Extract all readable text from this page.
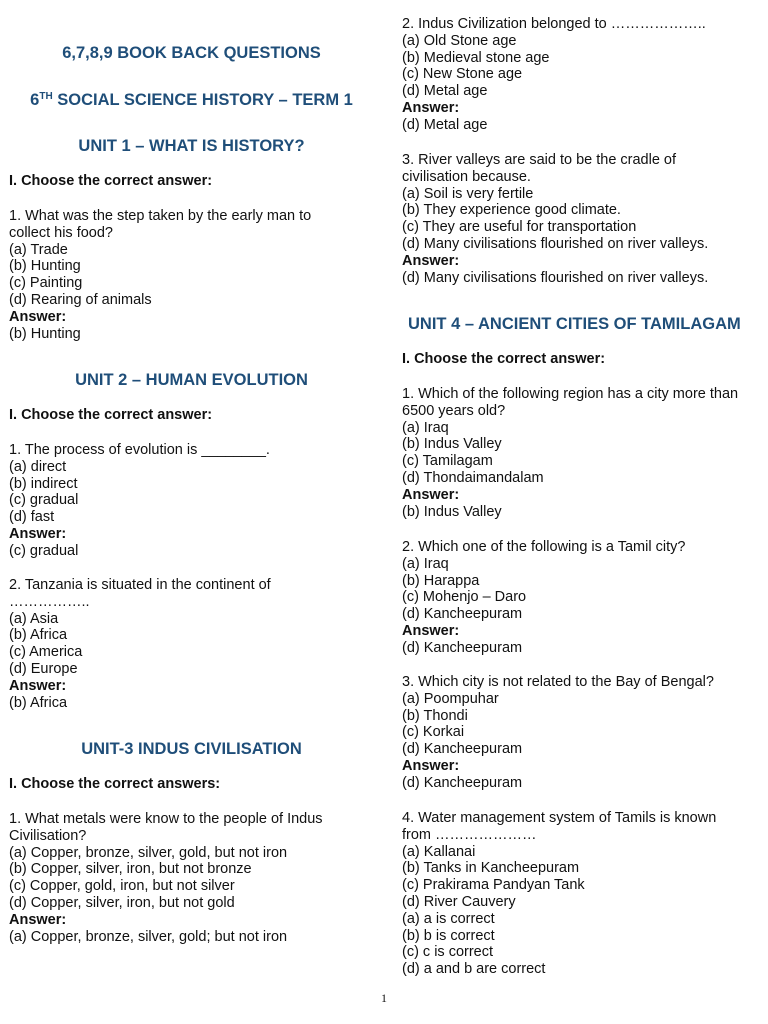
6,7,8,9 BOOK BACK QUESTIONS
6TH SOCIAL SCIENCE HISTORY – TERM 1
UNIT 1 – WHAT IS HISTORY?
I. Choose the correct answer:

1. What was the step taken by the early man to

collect his food?

(a) Trade

(b) Hunting

(c) Painting

(d) Rearing of animals

Answer:

(b) Hunting

UNIT 2 – HUMAN EVOLUTION
I. Choose the correct answer:

1. The process of evolution is ________.

(a) direct

(b) indirect

(c) gradual

(d) fast

Answer:

(c) gradual

2. Tanzania is situated in the continent of

……………..

(a) Asia

(b) Africa

(c) America

(d) Europe

Answer:

(b) Africa

UNIT-3 INDUS CIVILISATION
I. Choose the correct answers:

1. What metals were know to the people of Indus

Civilisation?

(a) Copper, bronze, silver, gold, but not iron

(b) Copper, silver, iron, but not bronze

(c) Copper, gold, iron, but not silver

(d) Copper, silver, iron, but not gold

Answer:

(a) Copper, bronze, silver, gold; but not iron

2. Indus Civilization belonged to ………………..

(a) Old Stone age

(b) Medieval stone age

(c) New Stone age

(d) Metal age

Answer:

(d) Metal age

3. River valleys are said to be the cradle of

civilisation because.

(a) Soil is very fertile

(b) They experience good climate.

(c) They are useful for transportation

(d) Many civilisations flourished on river valleys.

Answer:

(d) Many civilisations flourished on river valleys.

UNIT 4 – ANCIENT CITIES OF TAMILAGAM
I. Choose the correct answer:

1. Which of the following region has a city more than

6500 years old?

(a) Iraq

(b) Indus Valley

(c) Tamilagam

(d) Thondaimandalam

Answer:

(b) Indus Valley

2. Which one of the following is a Tamil city?

(a) Iraq

(b) Harappa

(c) Mohenjo – Daro

(d) Kancheepuram

Answer:

(d) Kancheepuram

3. Which city is not related to the Bay of Bengal?

(a) Poompuhar

(b) Thondi

(c) Korkai

(d) Kancheepuram

Answer:

(d) Kancheepuram

4. Water management system of Tamils is known

from …………………

(a) Kallanai

(b) Tanks in Kancheepuram

(c) Prakirama Pandyan Tank

(d) River Cauvery

(a) a is correct

(b) b is correct

(c) c is correct

(d) a and b are correct

1
